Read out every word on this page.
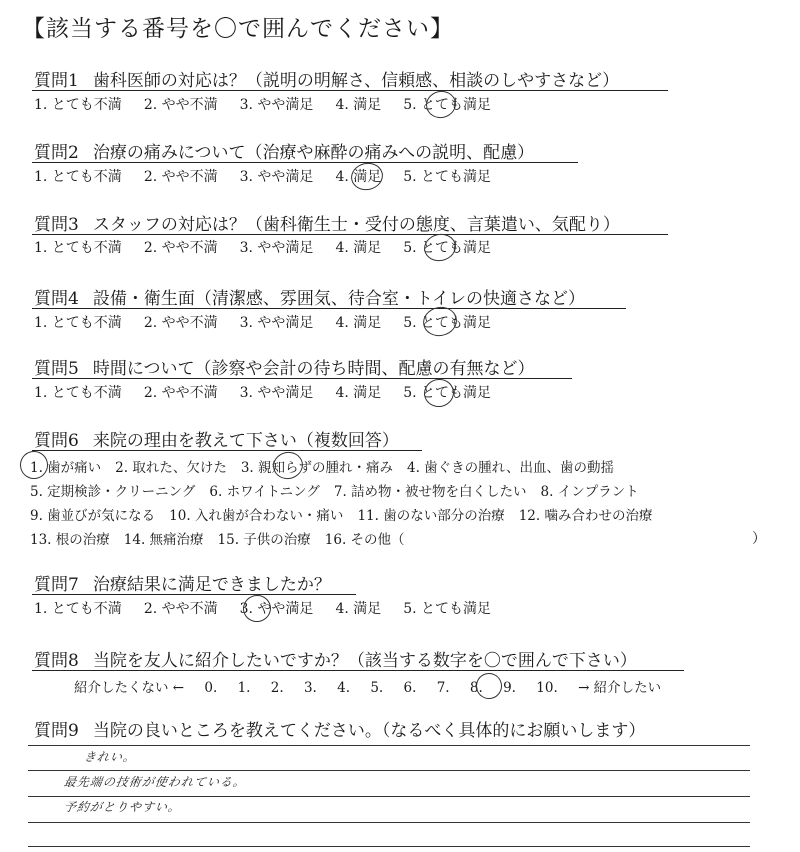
【該当する番号を〇で囲んでください】
質問1 歯科医師の対応は？（説明の明解さ、信頼感、相談のしやすさなど）
1. とても不満 2. やや不満 3. やや満足 4. 満足 5. とても満足
質問2 治療の痛みについて（治療や麻酔の痛みへの説明、配慮）
1. とても不満 2. やや不満 3. やや満足 4. 満足 5. とても満足
質問3 スタッフの対応は？（歯科衛生士・受付の態度、言葉遣い、気配り）
1. とても不満 2. やや不満 3. やや満足 4. 満足 5. とても満足
質問4 設備・衛生面（清潔感、雰囲気、待合室・トイレの快適さなど）
1. とても不満 2. やや不満 3. やや満足 4. 満足 5. とても満足
質問5 時間について（診察や会計の待ち時間、配慮の有無など）
1. とても不満 2. やや不満 3. やや満足 4. 満足 5. とても満足
質問6 来院の理由を教えて下さい（複数回答）
1. 歯が痛い 2. 取れた、欠けた 3. 親知らずの腫れ・痛み 4. 歯ぐきの腫れ、出血、歯の動揺
5. 定期検診・クリーニング 6. ホワイトニング 7. 詰め物・被せ物を白くしたい 8. インプラント
9. 歯並びが気になる 10. 入れ歯が合わない・痛い 11. 歯のない部分の治療 12. 噛み合わせの治療
13. 根の治療 14. 無痛治療 15. 子供の治療 16. その他（	）
質問7 治療結果に満足できましたか？
1. とても不満 2. やや不満 3. やや満足 4. 満足 5. とても満足
質問8 当院を友人に紹介したいですか？（該当する数字を〇で囲んで下さい）
紹介したくない ← 0. 1. 2. 3. 4. 5. 6. 7. 8. 9. 10. → 紹介したい
質問9 当院の良いところを教えてください。（なるべく具体的にお願いします）
きれい。
最先端の技術が使われている。
予約がとりやすい。
